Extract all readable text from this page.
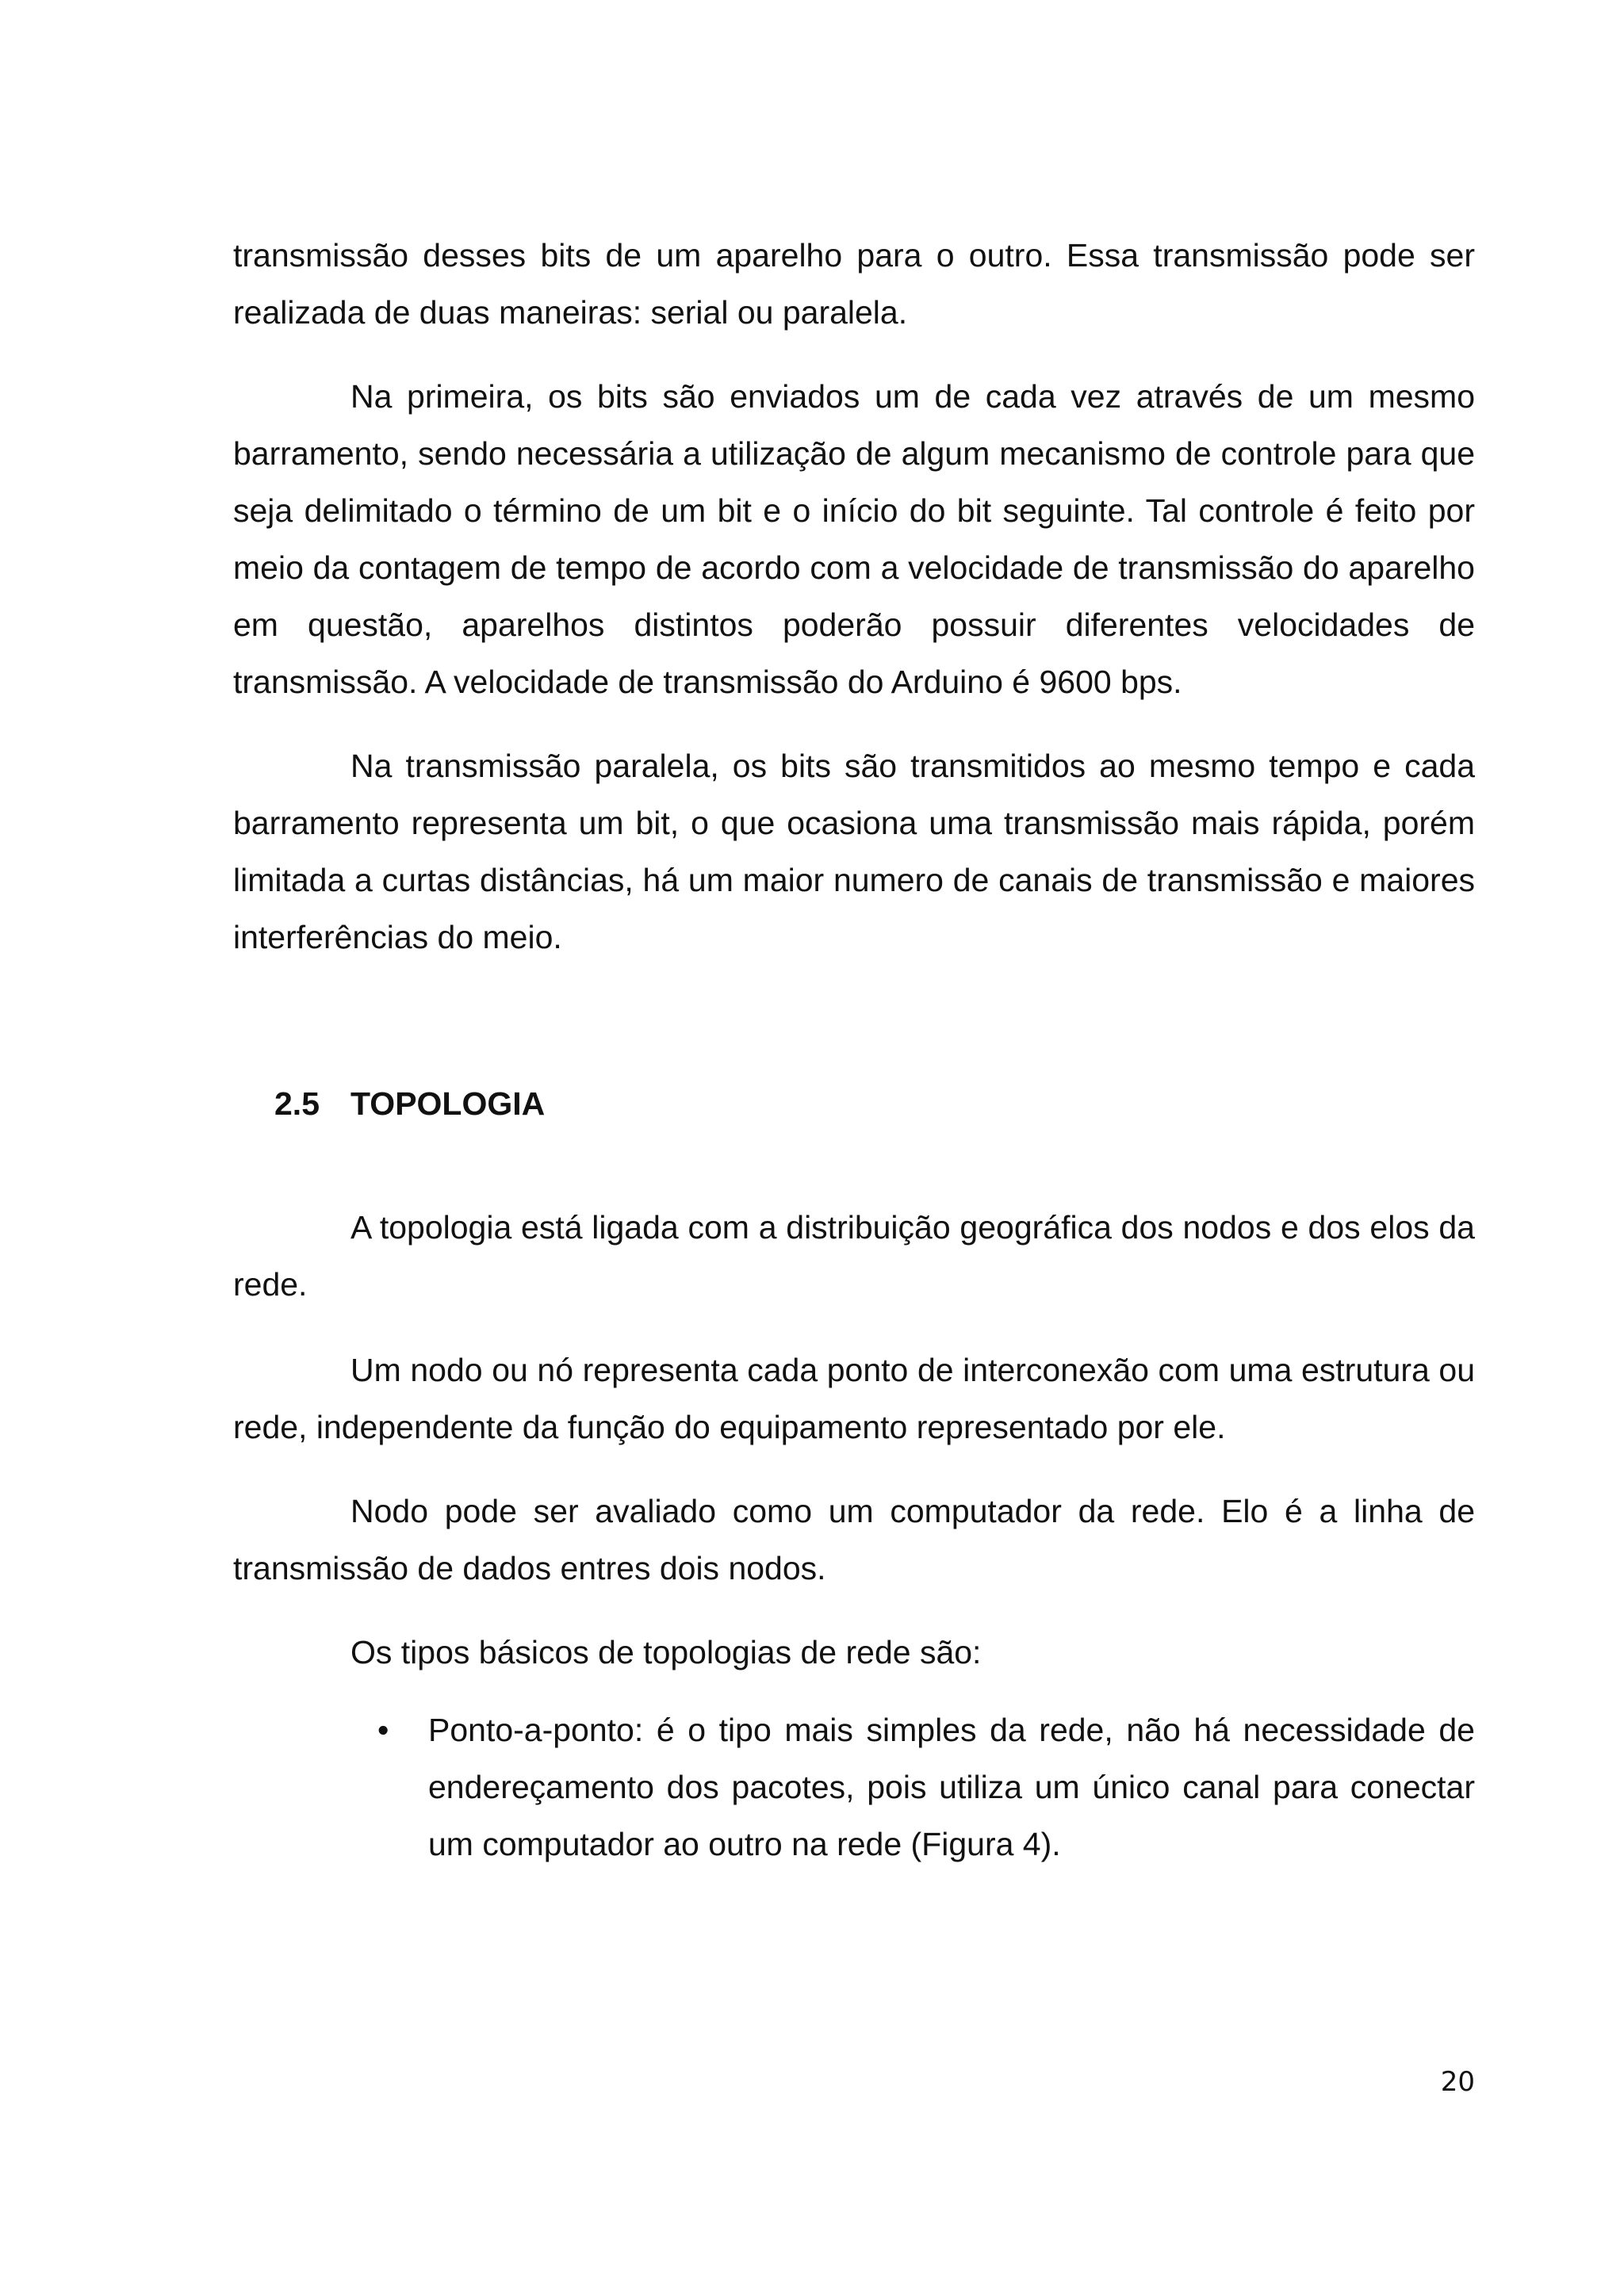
transmissão desses bits de um aparelho para o outro. Essa transmissão pode ser realizada de duas maneiras: serial ou paralela.

Na primeira, os bits são enviados um de cada vez através de um mesmo barramento, sendo necessária a utilização de algum mecanismo de controle para que seja delimitado o término de um bit e o início do bit seguinte. Tal controle é feito por meio da contagem de tempo de acordo com a velocidade de transmissão do aparelho em questão, aparelhos distintos poderão possuir diferentes velocidades de transmissão. A velocidade de transmissão do Arduino é 9600 bps.

Na transmissão paralela, os bits são transmitidos ao mesmo tempo e cada barramento representa um bit, o que ocasiona uma transmissão mais rápida, porém limitada a curtas distâncias, há um maior numero de canais de transmissão e maiores interferências do meio.

2.5 TOPOLOGIA

A topologia está ligada com a distribuição geográfica dos nodos e dos elos da rede.

Um nodo ou nó representa cada ponto de interconexão com uma estrutura ou rede, independente da função do equipamento representado por ele.

Nodo pode ser avaliado como um computador da rede. Elo é a linha de transmissão de dados entres dois nodos.

Os tipos básicos de topologias de rede são:

• Ponto-a-ponto: é o tipo mais simples da rede, não há necessidade de endereçamento dos pacotes, pois utiliza um único canal para conectar um computador ao outro na rede (Figura 4).

20
